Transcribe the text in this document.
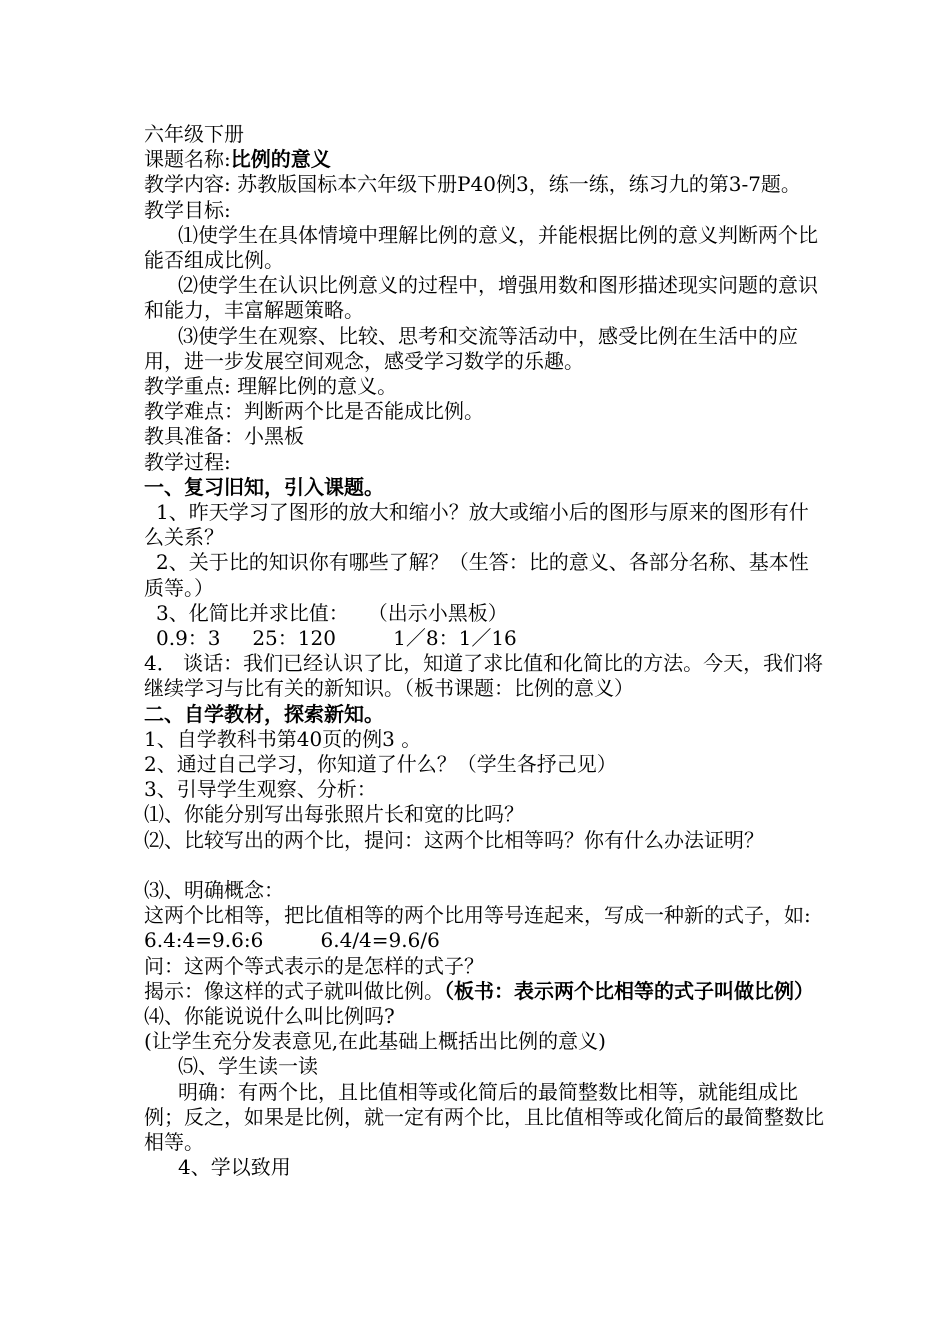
六年级下册

课题名称:比例的意义

教学内容: 苏教版国标本六年级下册P40例3，练一练，练习九的第3-7题。

教学目标:

⑴使学生在具体情境中理解比例的意义，并能根据比例的意义判断两个比能否组成比例。

⑵使学生在认识比例意义的过程中，增强用数和图形描述现实问题的意识和能力，丰富解题策略。

⑶使学生在观察、比较、思考和交流等活动中，感受比例在生活中的应用，进一步发展空间观念，感受学习数学的乐趣。

教学重点: 理解比例的意义。

教学难点：判断两个比是否能成比例。

教具准备：小黑板

教学过程:

一、复习旧知，引入课题。

1、昨天学习了图形的放大和缩小？放大或缩小后的图形与原来的图形有什么关系？

2、关于比的知识你有哪些了解？（生答：比的意义、各部分名称、基本性质等。）

3、化简比并求比值：   （出示小黑板）

0.9：3     25：120         1／8：1／16

4． 谈话：我们已经认识了比，知道了求比值和化简比的方法。今天，我们将继续学习与比有关的新知识。（板书课题：比例的意义）

二、自学教材，探索新知。

1、自学教科书第40页的例3 。

2、通过自己学习，你知道了什么？（学生各抒己见）

3、引导学生观察、分析：

⑴、你能分别写出每张照片长和宽的比吗？

⑵、比较写出的两个比，提问：这两个比相等吗？你有什么办法证明？

⑶、明确概念：

这两个比相等，把比值相等的两个比用等号连起来，写成一种新的式子，如:  6.4:4=9.6:6         6.4/4=9.6/6

问：这两个等式表示的是怎样的式子？

揭示：像这样的式子就叫做比例。（板书：表示两个比相等的式子叫做比例）

⑷、你能说说什么叫比例吗?

(让学生充分发表意见,在此基础上概括出比例的意义)

⑸、学生读一读

明确：有两个比，且比值相等或化简后的最简整数比相等，就能组成比例；反之，如果是比例，就一定有两个比，且比值相等或化简后的最简整数比相等。

4、学以致用
